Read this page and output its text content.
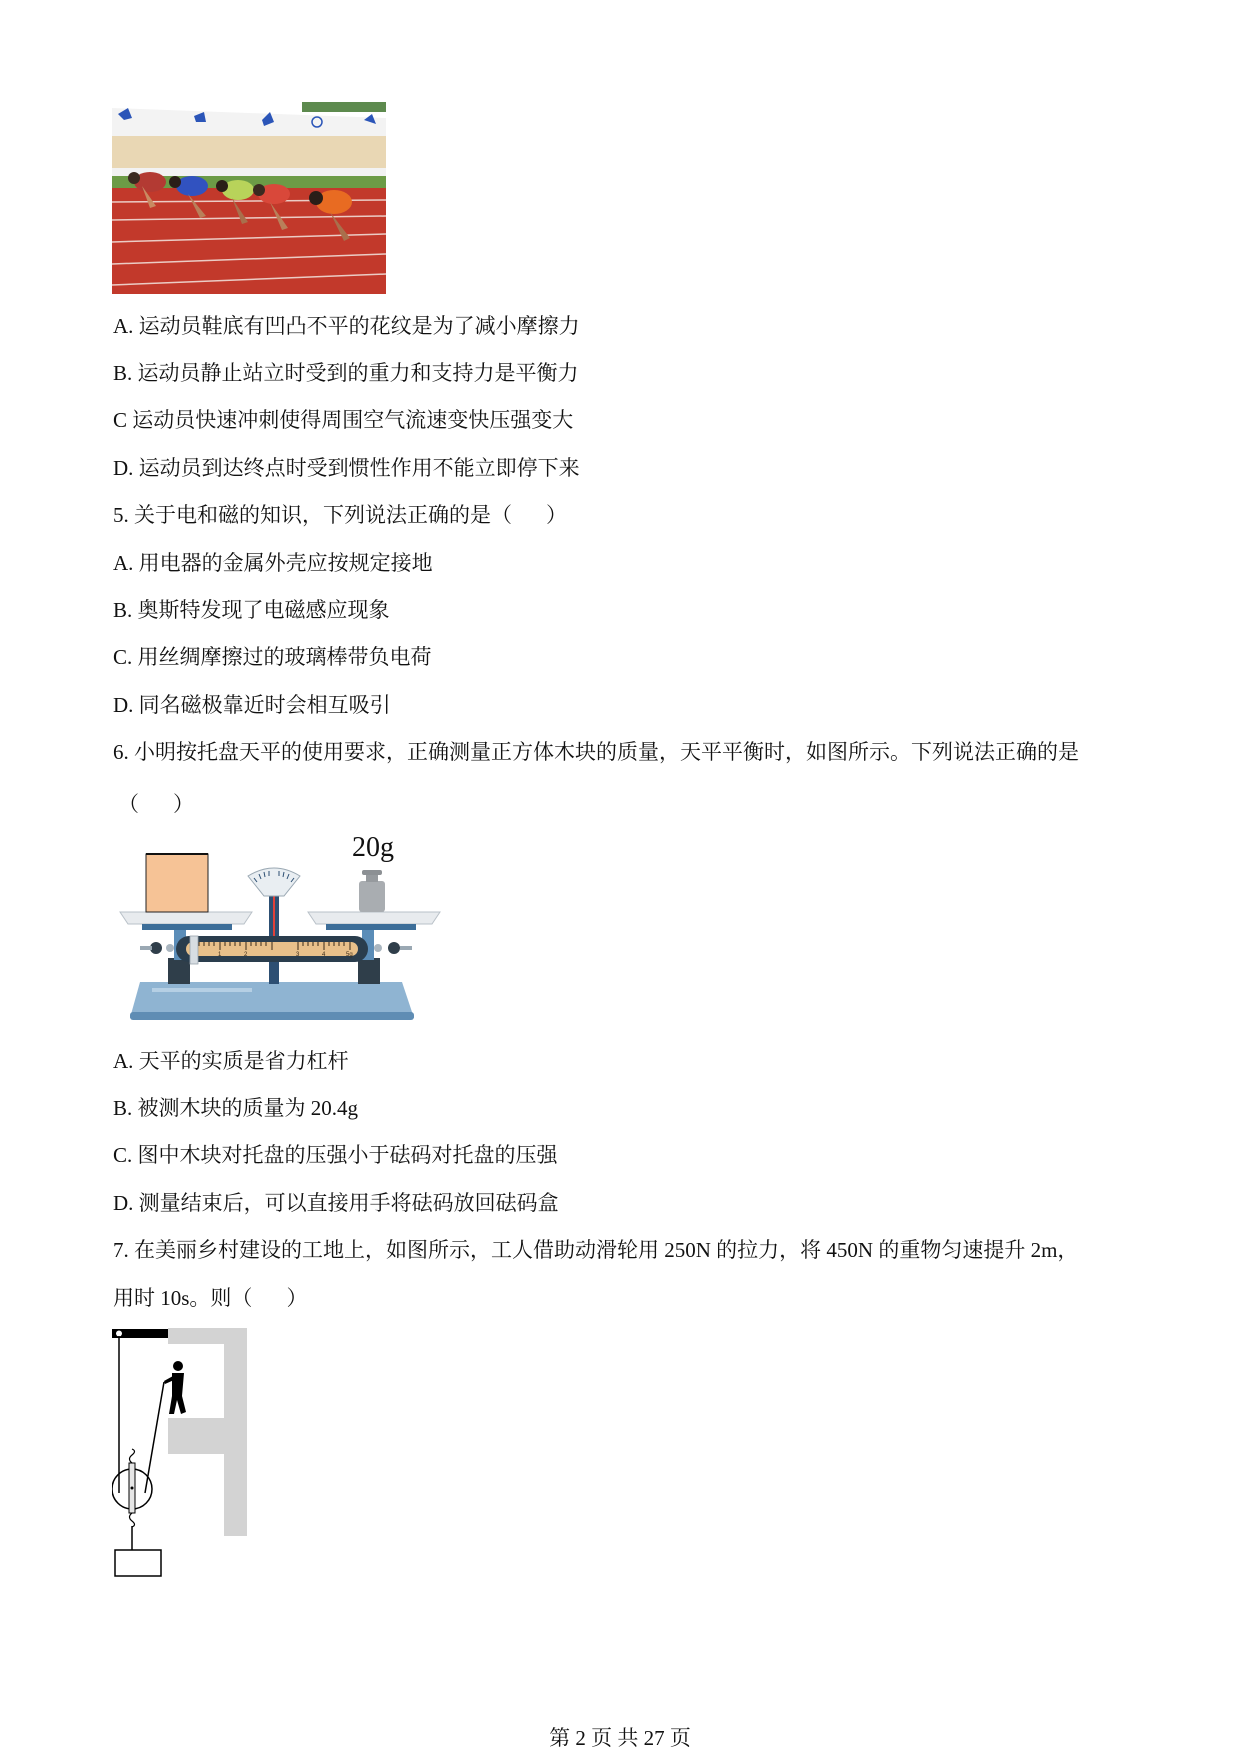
A. 运动员鞋底有凹凸不平的花纹是为了减小摩擦力
B. 运动员静止站立时受到的重力和支持力是平衡力
C 运动员快速冲刺使得周围空气流速变快压强变大
D. 运动员到达终点时受到惯性作用不能立即停下来
5. 关于电和磁的知识，下列说法正确的是（ ）
A. 用电器的金属外壳应按规定接地
B. 奥斯特发现了电磁感应现象
C. 用丝绸摩擦过的玻璃棒带负电荷
D. 同名磁极靠近时会相互吸引
6. 小明按托盘天平的使用要求，正确测量正方体木块的质量，天平平衡时，如图所示。下列说法正确的是
（ ）
1	2	3	4	5g
20g
A. 天平的实质是省力杠杆
B. 被测木块的质量为 20.4g
C. 图中木块对托盘的压强小于砝码对托盘的压强
D. 测量结束后，可以直接用手将砝码放回砝码盒
7. 在美丽乡村建设的工地上，如图所示，工人借助动滑轮用 250N 的拉力，将 450N 的重物匀速提升 2m，
用时 10s。则（ ）
第 2 页 共 27 页
